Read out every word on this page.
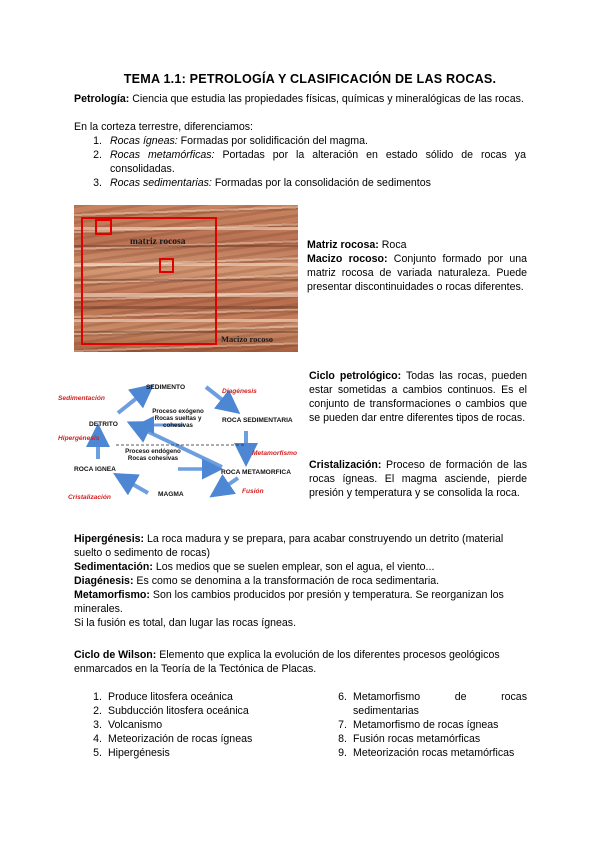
TEMA 1.1: PETROLOGÍA Y CLASIFICACIÓN DE LAS ROCAS.
Petrología: Ciencia que estudia las propiedades físicas, químicas y mineralógicas de las rocas.
En la corteza terrestre, diferenciamos:
1. Rocas ígneas: Formadas por solidificación del magma.
2. Rocas metamórficas: Portadas por la alteración en estado sólido de rocas ya consolidadas.
3. Rocas sedimentarias: Formadas por la consolidación de sedimentos
matriz rocosa
Macizo rocoso
Matriz rocosa: Roca
Macizo rocoso: Conjunto formado por una matriz rocosa de variada naturaleza. Puede presentar discontinuidades o rocas diferentes.
SEDIMENTO
DETRITO
ROCA SEDIMENTARIA
ROCA IGNEA	ROCA METAMORFICA
MAGMA
Sedimentación
Diagénesis
Hipergénesis
Metamorfismo
Cristalización
Fusión
Proceso exógeno
Rocas sueltas y
cohesivas
Proceso endógeno
Rocas cohesivas
Ciclo petrológico: Todas las rocas, pueden estar sometidas a cambios continuos. Es el conjunto de transformaciones o cambios que se pueden dar entre diferentes tipos de rocas.
Cristalización: Proceso de formación de las rocas ígneas. El magma asciende, pierde presión y temperatura y se consolida la roca.
Hipergénesis: La roca madura y se prepara, para acabar construyendo un detrito (material suelto o sedimento de rocas)
Sedimentación: Los medios que se suelen emplear, son el agua, el viento...
Diagénesis: Es como se denomina a la transformación de roca sedimentaria.
Metamorfismo: Son los cambios producidos por presión y temperatura. Se reorganizan los minerales.
Si la fusión es total, dan lugar las rocas ígneas.
Ciclo de Wilson: Elemento que explica la evolución de los diferentes procesos geológicos enmarcados en la Teoría de la Tectónica de Placas.
1. Produce litosfera oceánica
2. Subducción litosfera oceánica
3. Volcanismo
4. Meteorización de rocas ígneas
5. Hipergénesis
6. Metamorfismo	de	rocas
sedimentarias
7. Metamorfismo de rocas ígneas
8. Fusión rocas metamórficas
9. Meteorización rocas metamórficas
